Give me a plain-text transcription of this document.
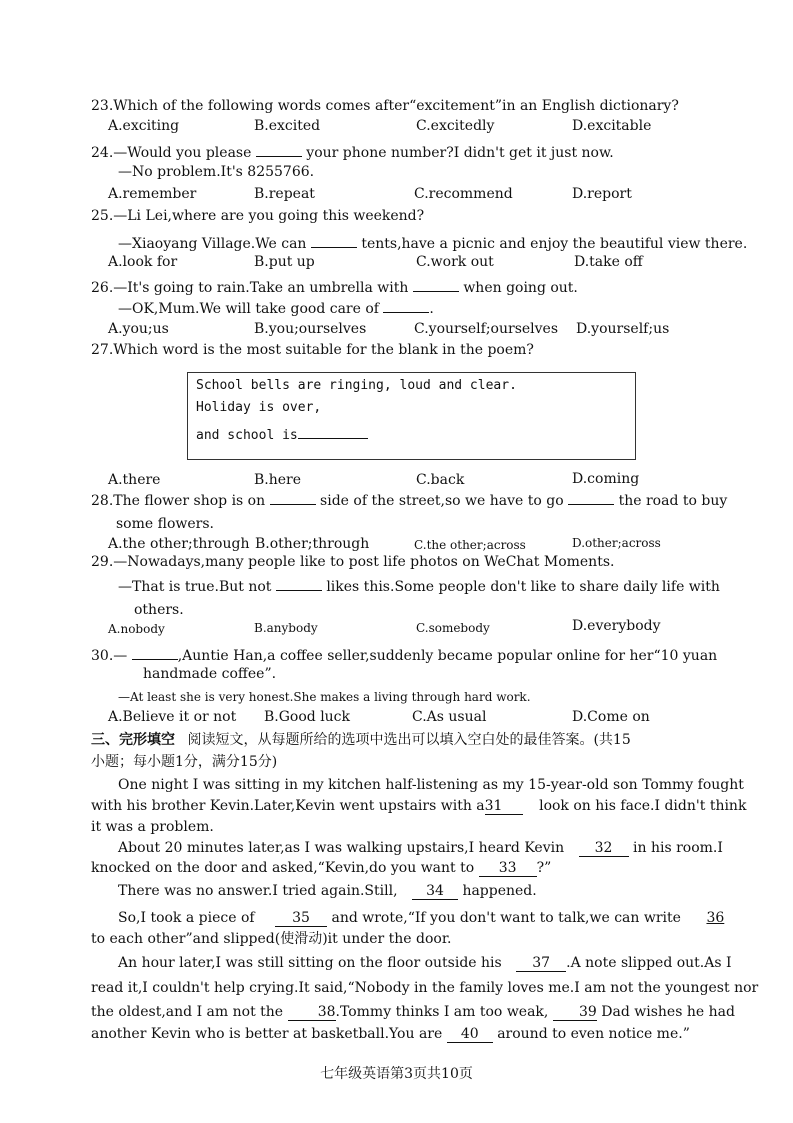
23.Which of the following words comes after“excitement”in an English dictionary?
A.exciting	B.excited	C.excitedly	D.excitable
24.—Would you please	your phone number?I didn't get it just now.
—No problem.It's 8255766.
A.remember	B.repeat	C.recommend	D.report
25.—Li Lei,where are you going this weekend?
—Xiaoyang Village.We can	tents,have a picnic and enjoy the beautiful view there.
A.look for	B.put up	C.work out	D.take off
26.—It's going to rain.Take an umbrella with	when going out.
—OK,Mum.We will take good care of	.
A.you;us	B.you;ourselves	C.yourself;ourselves D.yourself;us
27.Which word is the most suitable for the blank in the poem?
School bells are ringing, loud and clear.
Holiday is over,
and school is
A.there	B.here	C.back	D.coming
28.The flower shop is on	side of the street,so we have to go	the road to buy
some flowers.
A.the other;through B.other;through	C.the other;across	D.other;across
29.—Nowadays,many people like to post life photos on WeChat Moments.
—That is true.But not	likes this.Some people don't like to share daily life with
others.
A.nobody	B.anybody	C.somebody	D.everybody
30.—	,Auntie Han,a coffee seller,suddenly became popular online for her“10 yuan
handmade coffee”.
—At least she is very honest.She makes a living through hard work.
A.Believe it or not B.Good luck	C.As usual	D.Come on
三、完形填空 阅读短文，从每题所给的选项中选出可以填入空白处的最佳答案。(共15
小题；每小题1分，满分15分)
One night I was sitting in my kitchen half-listening as my 15-year-old son Tommy fought
with his brother Kevin.Later,Kevin went upstairs with a31	look on his face.I didn't think
it was a problem.
About 20 minutes later,as I was walking upstairs,I heard Kevin 32 in his room.I
knocked on the door and asked,“Kevin,do you want to 33 ?”
There was no answer.I tried again.Still, 34 happened.
So,I took a piece of	35 and wrote,“If you don't want to talk,we can write 36
to each other”and slipped(使滑动)it under the door.
An hour later,I was still sitting on the floor outside his 37 .A note slipped out.As I
read it,I couldn't help crying.It said,“Nobody in the family loves me.I am not the youngest nor
the oldest,and I am not the 38.Tommy thinks I am too weak, 39 Dad wishes he had
another Kevin who is better at basketball.You are 40 around to even notice me.”
七年级英语第3页共10页
